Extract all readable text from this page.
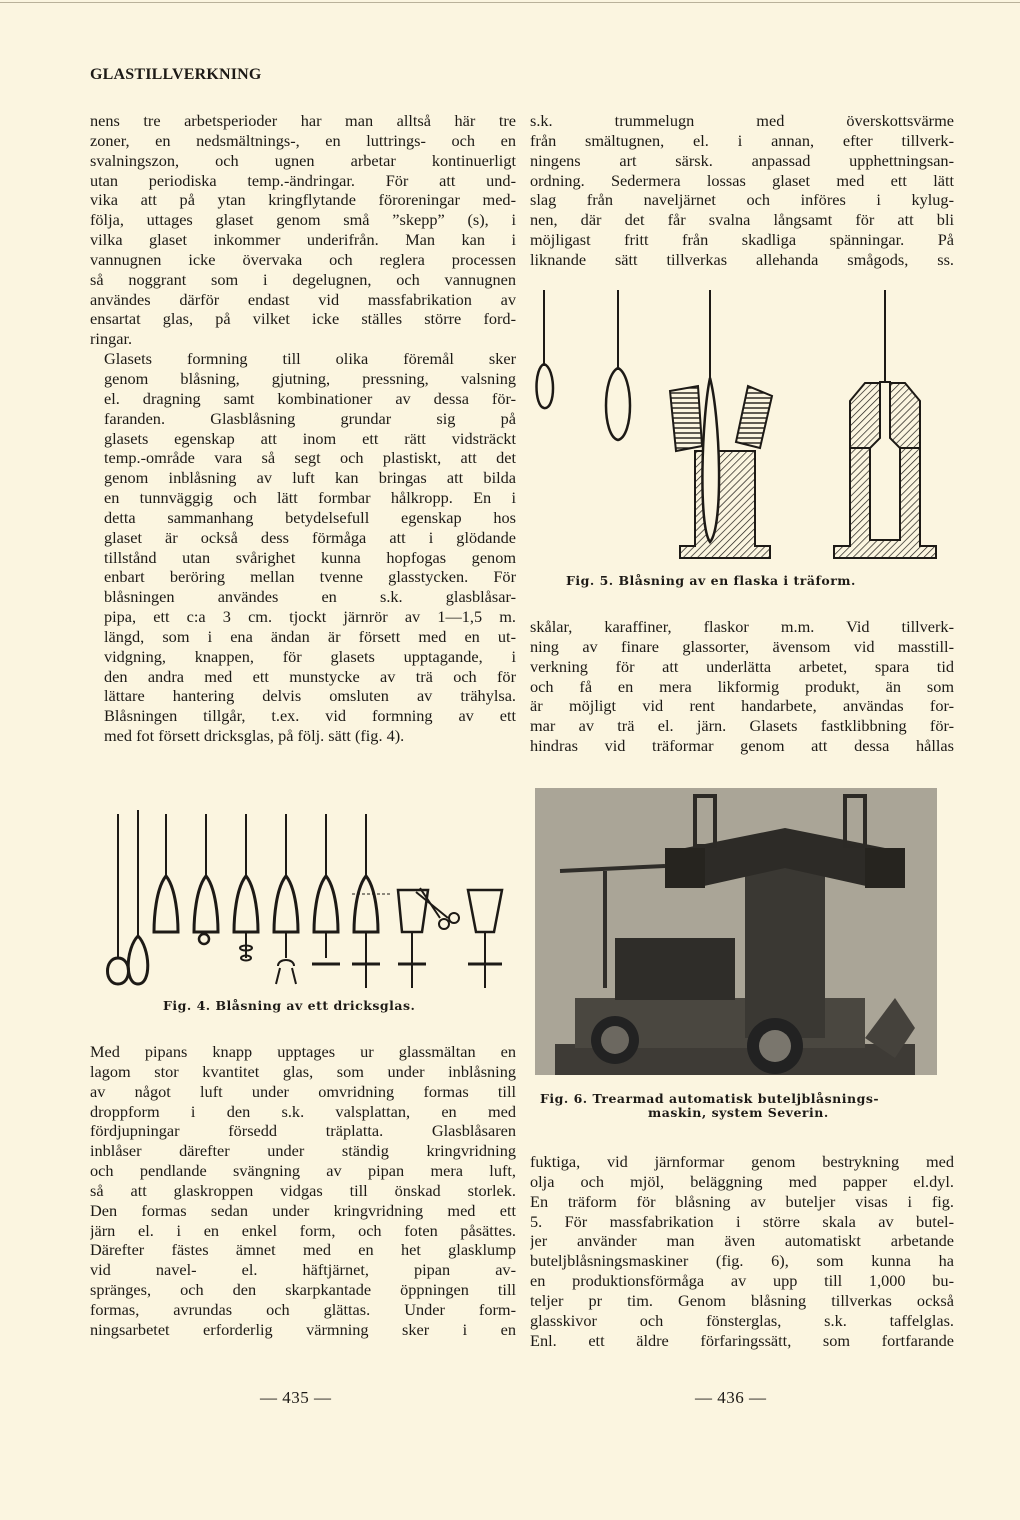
GLASTILLVERKNING

nens tre arbetsperioder har man alltså här tre
zoner, en nedsmältnings-, en luttrings- och en
svalningszon, och ugnen arbetar kontinuerligt
utan periodiska temp.-ändringar. För att und-
vika att på ytan kringflytande föroreningar med-
följa, uttages glaset genom små ”skepp” (s), i
vilka glaset inkommer underifrån. Man kan i
vannugnen icke övervaka och reglera processen
så noggrant som i degelugnen, och vannugnen
användes därför endast vid massfabrikation av
ensartat glas, på vilket icke ställes större ford-
ringar.

Glasets formning till olika föremål sker
genom blåsning, gjutning, pressning, valsning
el. dragning samt kombinationer av dessa för-
faranden. Glasblåsning grundar sig på
glasets egenskap att inom ett rätt vidsträckt
temp.-område vara så segt och plastiskt, att det
genom inblåsning av luft kan bringas att bilda
en tunnväggig och lätt formbar hålkropp. En i
detta sammanhang betydelsefull egenskap hos
glaset är också dess förmåga att i glödande
tillstånd utan svårighet kunna hopfogas genom
enbart beröring mellan tvenne glasstycken. För
blåsningen användes en s.k. glasblåsar-
pipa, ett c:a 3 cm. tjockt järnrör av 1—1,5 m.
längd, som i ena ändan är försett med en ut-
vidgning, knappen, för glasets upptagande, i
den andra med ett munstycke av trä och för
lättare hantering delvis omsluten av trähylsa.
Blåsningen tillgår, t.ex. vid formning av ett
med fot försett dricksglas, på följ. sätt (fig. 4).

Fig. 4. Blåsning av ett dricksglas.

Med pipans knapp upptages ur glassmältan en
lagom stor kvantitet glas, som under inblåsning
av något luft under omvridning formas till
droppform i den s.k. valsplattan, en med
fördjupningar försedd träplatta. Glasblåsaren
inblåser därefter under ständig kringvridning
och pendlande svängning av pipan mera luft,
så att glaskroppen vidgas till önskad storlek.
Den formas sedan under kringvridning med ett
järn el. i en enkel form, och foten påsättes.
Därefter fästes ämnet med en het glasklump
vid navel- el. häftjärnet, pipan av-
spränges, och den skarpkantade öppningen till
formas, avrundas och glättas. Under form-
ningsarbetet erforderlig värmning sker i en

— 435 —

s.k. trummelugn med överskottsvärme
från smältugnen, el. i annan, efter tillverk-
ningens art särsk. anpassad upphettningsan-
ordning. Sedermera lossas glaset med ett lätt
slag från naveljärnet och införes i kylug-
nen, där det får svalna långsamt för att bli
möjligast fritt från skadliga spänningar. På
liknande sätt tillverkas allehanda smågods, ss.

Fig. 5. Blåsning av en flaska i träform.

skålar, karaffiner, flaskor m.m. Vid tillverk-
ning av finare glassorter, ävensom vid masstill-
verkning för att underlätta arbetet, spara tid
och få en mera likformig produkt, än som
är möjligt vid rent handarbete, användas for-
mar av trä el. järn. Glasets fastklibbning för-
hindras vid träformar genom att dessa hållas

Fig. 6. Trearmad automatisk buteljblåsnings-
maskin, system Severin.

fuktiga, vid järnformar genom bestrykning med
olja och mjöl, beläggning med papper el.dyl.
En träform för blåsning av buteljer visas i fig.
5. För massfabrikation i större skala av butel-
jer använder man även automatiskt arbetande
buteljblåsningsmaskiner (fig. 6), som kunna ha
en produktionsförmåga av upp till 1,000 bu-
teljer pr tim. Genom blåsning tillverkas också
glasskivor och fönsterglas, s.k. taffelglas.
Enl. ett äldre förfaringssätt, som fortfarande

— 436 —
